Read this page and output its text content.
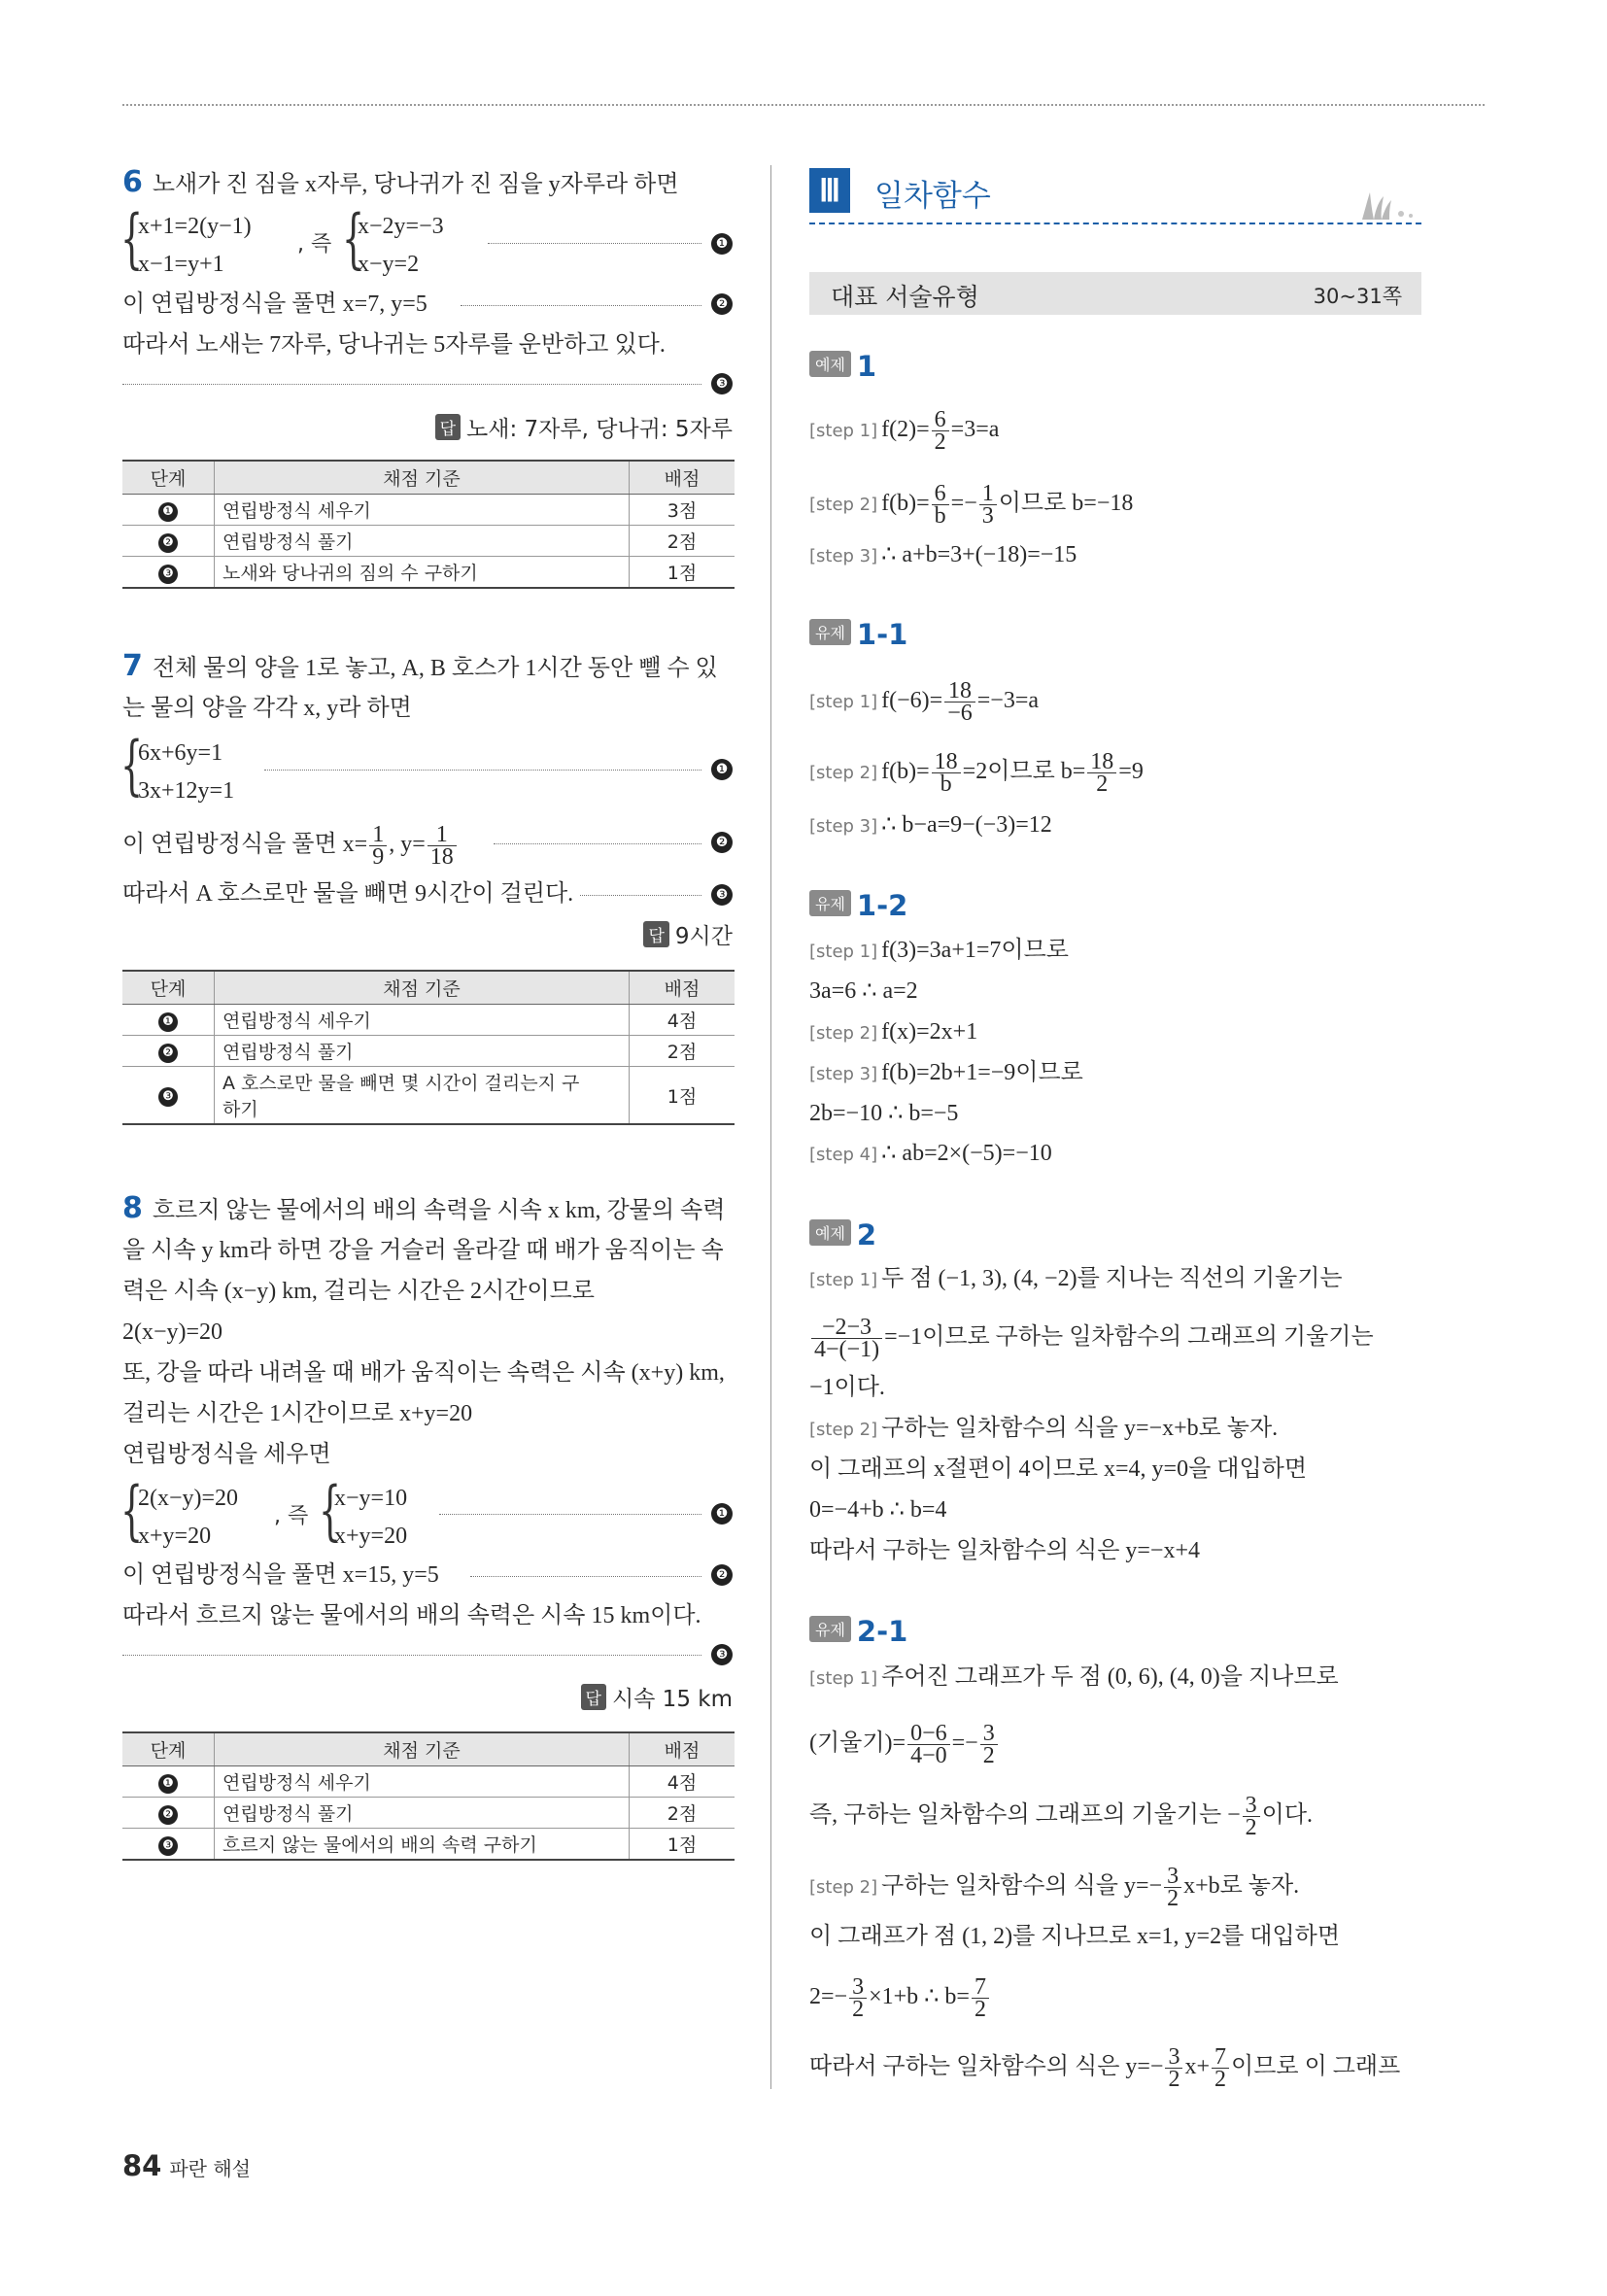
6 노새가 진 짐을 x자루, 당나귀가 진 짐을 y자루라 하면
{
x+1=2(y−1)
x−1=y+1
, 즉 {
x−2y=−3
x−y=2
❶
이 연립방정식을 풀면 x=7, y=5	❷
따라서 노새는 7자루, 당나귀는 5자루를 운반하고 있다.
❸
답 노새: 7자루, 당나귀: 5자루
단계	채점 기준	배점
❶	연립방정식 세우기	3점
❷	연립방정식 풀기	2점
❸	노새와 당나귀의 짐의 수 구하기	1점
7 전체 물의 양을 1로 놓고, A, B 호스가 1시간 동안 뺄 수 있
는 물의 양을 각각 x, y라 하면
{
6x+6y=1
3x+12y=1
❶
이 연립방정식을 풀면 $x= \frac{1}{9}$ , $y= \frac{1}{18}$	❷
따라서 A 호스로만 물을 빼면 9시간이 걸린다.	❸
답 9시간
단계	채점 기준	배점
❶	연립방정식 세우기	4점
❷	연립방정식 풀기	2점
❸	A 호스로만 물을 빼면 몇 시간이 걸리는지 구
하기	1점
8 흐르지 않는 물에서의 배의 속력을 시속 x km, 강물의 속력
을 시속 y km라 하면 강을 거슬러 올라갈 때 배가 움직이는 속
력은 시속 (x−y) km, 걸리는 시간은 2시간이므로
2(x−y)=20
또, 강을 따라 내려올 때 배가 움직이는 속력은 시속 (x+y) km,
걸리는 시간은 1시간이므로 x+y=20
연립방정식을 세우면
{
2(x−y)=20
x+y=20
, 즉 {
x−y=10
x+y=20
❶
이 연립방정식을 풀면 x=15, y=5	❷
따라서 흐르지 않는 물에서의 배의 속력은 시속 15 km이다.
❸
답 시속 15 km
단계	채점 기준	배점
❶	연립방정식 세우기	4점
❷	연립방정식 풀기	2점
❸	흐르지 않는 물에서의 배의 속력 구하기	1점
Ⅲ	일차함수
대표 서술유형	30~31쪽
예제 1
[step 1] $f(2)= \frac{6}{2} =3=a$
[step 2] $f(b)= \frac{6}{b} =- \frac{1}{3}$ 이므로 b=−18
[step 3] ∴ a+b=3+(−18)=−15
유제 1-1
[step 1] $f(-6)= \frac{18}{-6} =-3=a$
[step 2] $f(b)= \frac{18}{b} =2$이므로 $b= \frac{18}{2} =9$
[step 3] ∴ b−a=9−(−3)=12
유제 1-2
[step 1] f(3)=3a+1=7이므로
3a=6 ∴ a=2
[step 2] f(x)=2x+1
[step 3] f(b)=2b+1=−9이므로
2b=−10 ∴ b=−5
[step 4] ∴ ab=2×(−5)=−10
예제 2
[step 1] 두 점 (−1, 3), (4, −2)를 지나는 직선의 기울기는
$\frac{-2-3}{4-(-1)} =-1$이므로 구하는 일차함수의 그래프의 기울기는
−1이다.
[step 2] 구하는 일차함수의 식을 y=−x+b로 놓자.
이 그래프의 x절편이 4이므로 x=4, y=0을 대입하면
0=−4+b ∴ b=4
따라서 구하는 일차함수의 식은 y=−x+4
유제 2-1
[step 1] 주어진 그래프가 두 점 (0, 6), (4, 0)을 지나므로
(기울기)= $\frac{0-6}{4-0} =- \frac{3}{2}$
즉, 구하는 일차함수의 그래프의 기울기는 − $\frac{3}{2}$ 이다.
[step 2] 구하는 일차함수의 식을 $y=- \frac{3}{2} x+b$로 놓자.
이 그래프가 점 (1, 2)를 지나므로 x=1, y=2를 대입하면
$2=- \frac{3}{2} \times 1+b$ ∴ $b= \frac{7}{2}$
따라서 구하는 일차함수의 식은 $y=- \frac{3}{2} x+ \frac{7}{2}$ 이므로 이 그래프
84 파란 해설
